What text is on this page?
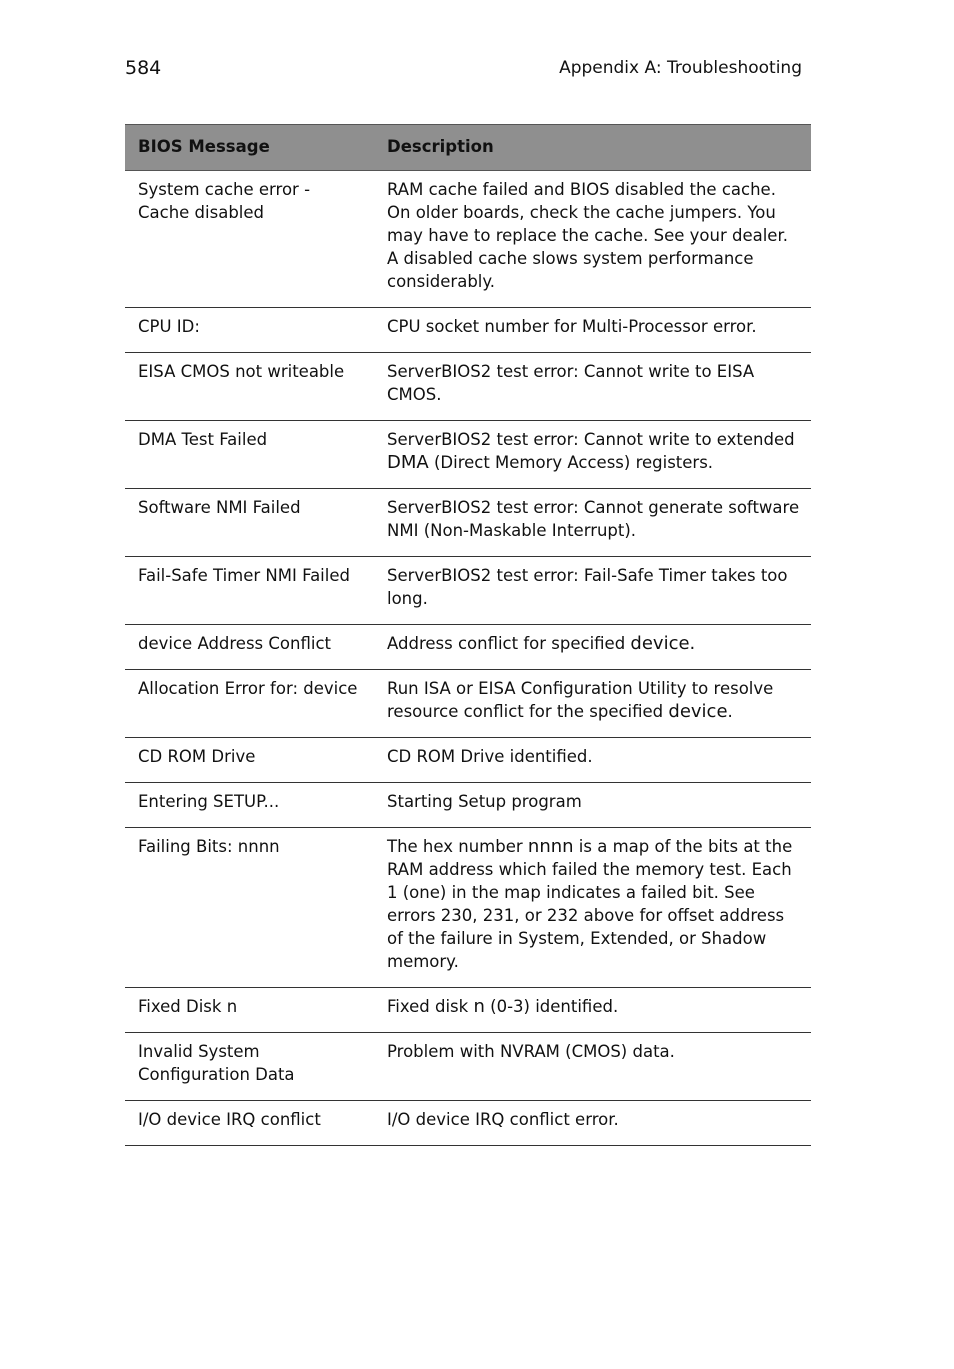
584	Appendix A: Troubleshooting
BIOS Message	Description
System cache error - Cache disabled	RAM cache failed and BIOS disabled the cache. On older boards, check the cache jumpers. You may have to replace the cache. See your dealer. A disabled cache slows system performance considerably.
CPU ID:	CPU socket number for Multi-Processor error.
EISA CMOS not writeable	ServerBIOS2 test error: Cannot write to EISA CMOS.
DMA Test Failed	ServerBIOS2 test error: Cannot write to extended DMA (Direct Memory Access) registers.
Software NMI Failed	ServerBIOS2 test error: Cannot generate software NMI (Non-Maskable Interrupt).
Fail-Safe Timer NMI Failed	ServerBIOS2 test error: Fail-Safe Timer takes too long.
device Address Conflict	Address conflict for specified device.
Allocation Error for: device	Run ISA or EISA Configuration Utility to resolve resource conflict for the specified device.
CD ROM Drive	CD ROM Drive identified.
Entering SETUP...	Starting Setup program
Failing Bits: nnnn	The hex number nnnn is a map of the bits at the RAM address which failed the memory test. Each 1 (one) in the map indicates a failed bit. See errors 230, 231, or 232 above for offset address of the failure in System, Extended, or Shadow memory.
Fixed Disk n	Fixed disk n (0-3) identified.
Invalid System Configuration Data	Problem with NVRAM (CMOS) data.
I/O device IRQ conflict	I/O device IRQ conflict error.
